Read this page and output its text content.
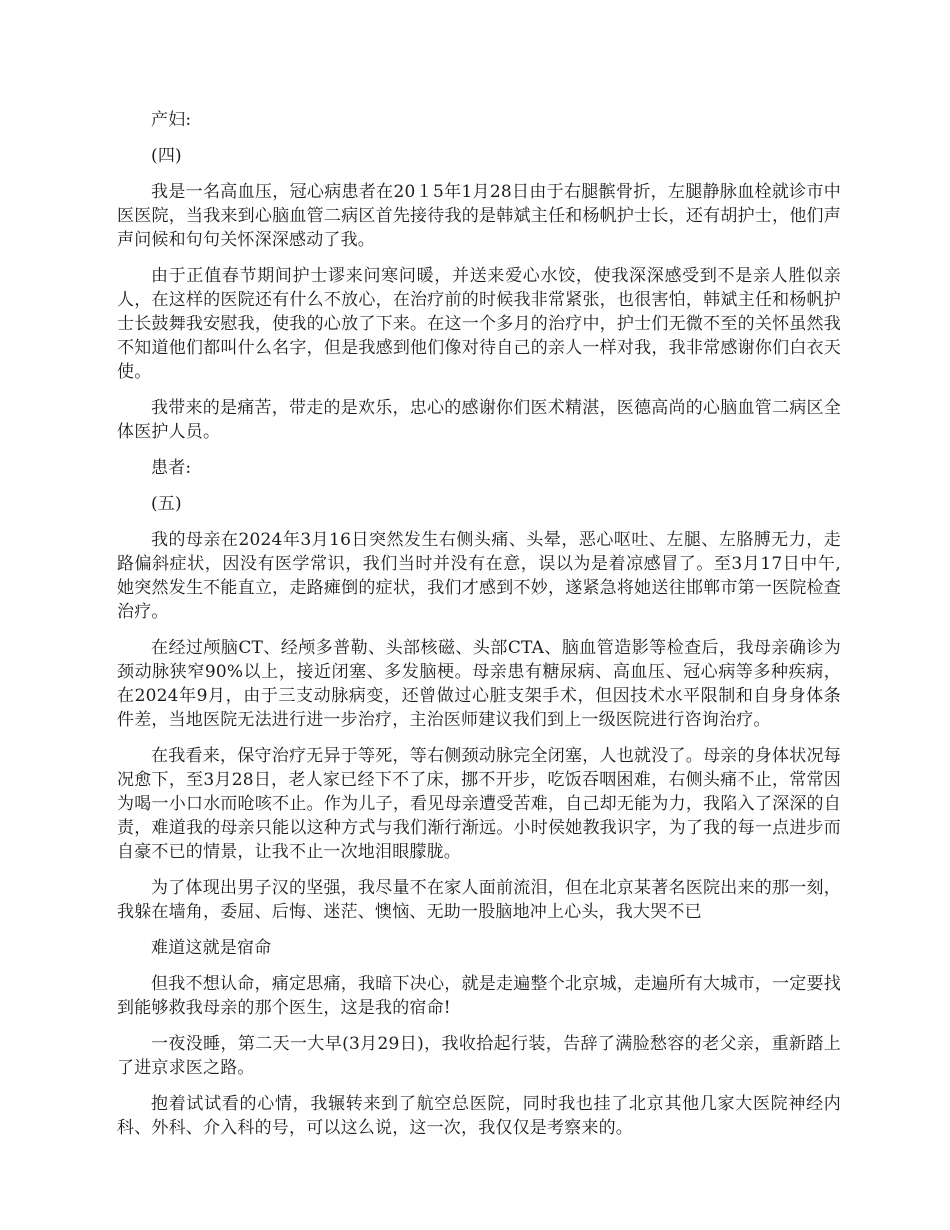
产妇:

(四)

我是一名高血压，冠心病患者在20１5年1月28日由于右腿髌骨折，左腿静脉血栓就诊市中医医院，当我来到心脑血管二病区首先接待我的是韩斌主任和杨帆护士长，还有胡护士，他们声声问候和句句关怀深深感动了我。

由于正值春节期间护士谬来问寒问暖，并送来爱心水饺，使我深深感受到不是亲人胜似亲人，在这样的医院还有什么不放心，在治疗前的时候我非常紧张，也很害怕，韩斌主任和杨帆护士长鼓舞我安慰我，使我的心放了下来。在这一个多月的治疗中，护士们无微不至的关怀虽然我不知道他们都叫什么名字，但是我感到他们像对待自己的亲人一样对我，我非常感谢你们白衣天使。

我带来的是痛苦，带走的是欢乐，忠心的感谢你们医术精湛，医德高尚的心脑血管二病区全体医护人员。

患者:

(五)

我的母亲在2024年3月16日突然发生右侧头痛、头晕，恶心呕吐、左腿、左胳膊无力，走路偏斜症状，因没有医学常识，我们当时并没有在意，误以为是着凉感冒了。至3月17日中午,她突然发生不能直立，走路瘫倒的症状，我们才感到不妙，遂紧急将她送往邯郸市第一医院检查治疗。

在经过颅脑CT、经颅多普勒、头部核磁、头部CTA、脑血管造影等检查后，我母亲确诊为颈动脉狭窄90%以上，接近闭塞、多发脑梗。母亲患有糖尿病、高血压、冠心病等多种疾病，在2024年9月，由于三支动脉病变，还曾做过心脏支架手术，但因技术水平限制和自身身体条件差，当地医院无法进行进一步治疗，主治医师建议我们到上一级医院进行咨询治疗。

在我看来，保守治疗无异于等死，等右侧颈动脉完全闭塞，人也就没了。母亲的身体状况每况愈下，至3月28日，老人家已经下不了床，挪不开步，吃饭吞咽困难，右侧头痛不止，常常因为喝一小口水而呛咳不止。作为儿子，看见母亲遭受苦难，自己却无能为力，我陷入了深深的自责，难道我的母亲只能以这种方式与我们渐行渐远。小时侯她教我识字，为了我的每一点进步而自豪不已的情景，让我不止一次地泪眼朦胧。

为了体现出男子汉的坚强，我尽量不在家人面前流泪，但在北京某著名医院出来的那一刻，我躲在墙角，委屈、后悔、迷茫、懊恼、无助一股脑地冲上心头，我大哭不已

难道这就是宿命

但我不想认命，痛定思痛，我暗下决心，就是走遍整个北京城，走遍所有大城市，一定要找到能够救我母亲的那个医生，这是我的宿命!

一夜没睡，第二天一大早(3月29日)，我收拾起行装，告辞了满脸愁容的老父亲，重新踏上了进京求医之路。

抱着试试看的心情，我辗转来到了航空总医院，同时我也挂了北京其他几家大医院神经内科、外科、介入科的号，可以这么说，这一次，我仅仅是考察来的。
